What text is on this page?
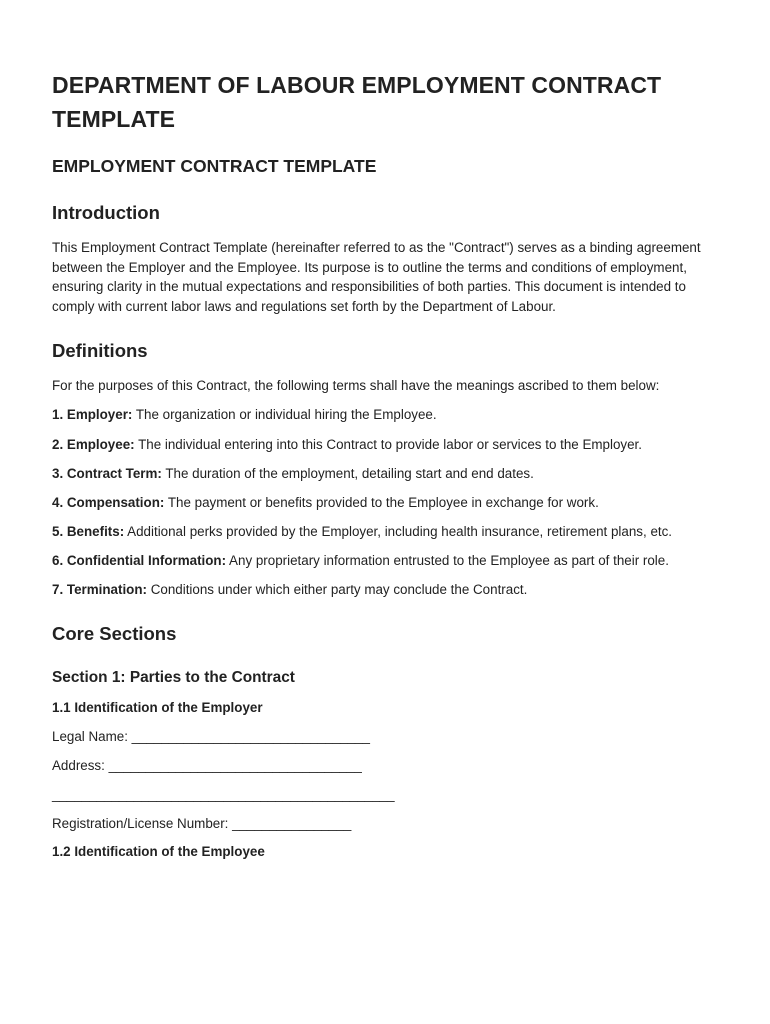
DEPARTMENT OF LABOUR EMPLOYMENT CONTRACT TEMPLATE
EMPLOYMENT CONTRACT TEMPLATE
Introduction

This Employment Contract Template (hereinafter referred to as the "Contract") serves as a binding agreement between the Employer and the Employee. Its purpose is to outline the terms and conditions of employment, ensuring clarity in the mutual expectations and responsibilities of both parties. This document is intended to comply with current labor laws and regulations set forth by the Department of Labour.

Definitions

For the purposes of this Contract, the following terms shall have the meanings ascribed to them below:

1. Employer: The organization or individual hiring the Employee.

2. Employee: The individual entering into this Contract to provide labor or services to the Employer.

3. Contract Term: The duration of the employment, detailing start and end dates.

4. Compensation: The payment or benefits provided to the Employee in exchange for work.

5. Benefits: Additional perks provided by the Employer, including health insurance, retirement plans, etc.

6. Confidential Information: Any proprietary information entrusted to the Employee as part of their role.

7. Termination: Conditions under which either party may conclude the Contract.

Core Sections
Section 1: Parties to the Contract
1.1 Identification of the Employer
Legal Name: ________________________________
Address: __________________________________
______________________________________________
Registration/License Number: ________________
1.2 Identification of the Employee
